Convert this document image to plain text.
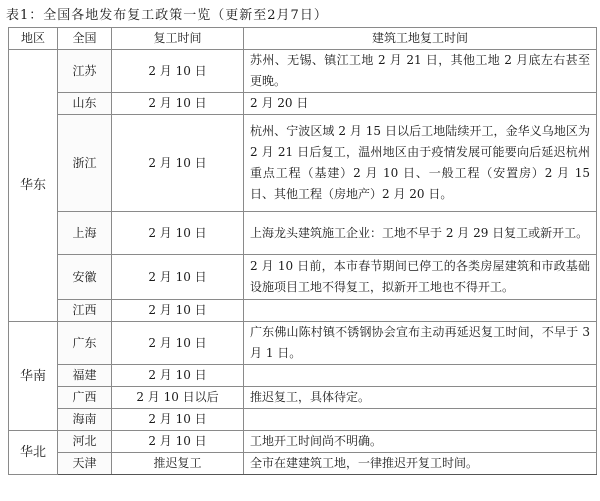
表1：全国各地发布复工政策一览（更新至2月7日）
地区	全国	复工时间	建筑工地复工时间
华东	江苏	2 月 10 日	苏州、无锡、镇江工地 2 月 21 日，其他工地 2 月底左右甚至更晚。
	山东	2 月 10 日	2 月 20 日
	浙江	2 月 10 日	杭州、宁波区域 2 月 15 日以后工地陆续开工，金华义乌地区为 2 月 21 日后复工，温州地区由于疫情发展可能要向后延迟杭州重点工程（基建）2 月 10 日、一般工程（安置房）2 月 15 日、其他工程（房地产）2 月 20 日。
	上海	2 月 10 日	上海龙头建筑施工企业：工地不早于 2 月 29 日复工或新开工。
	安徽	2 月 10 日	2 月 10 日前，本市春节期间已停工的各类房屋建筑和市政基础设施项目工地不得复工，拟新开工地也不得开工。
	江西	2 月 10 日	
华南	广东	2 月 10 日	广东佛山陈村镇不锈钢协会宣布主动再延迟复工时间，不早于 3 月 1 日。
	福建	2 月 10 日	
	广西	2 月 10 日以后	推迟复工，具体待定。
	海南	2 月 10 日	
华北	河北	2 月 10 日	工地开工时间尚不明确。
	天津	推迟复工	全市在建建筑工地，一律推迟开复工时间。
